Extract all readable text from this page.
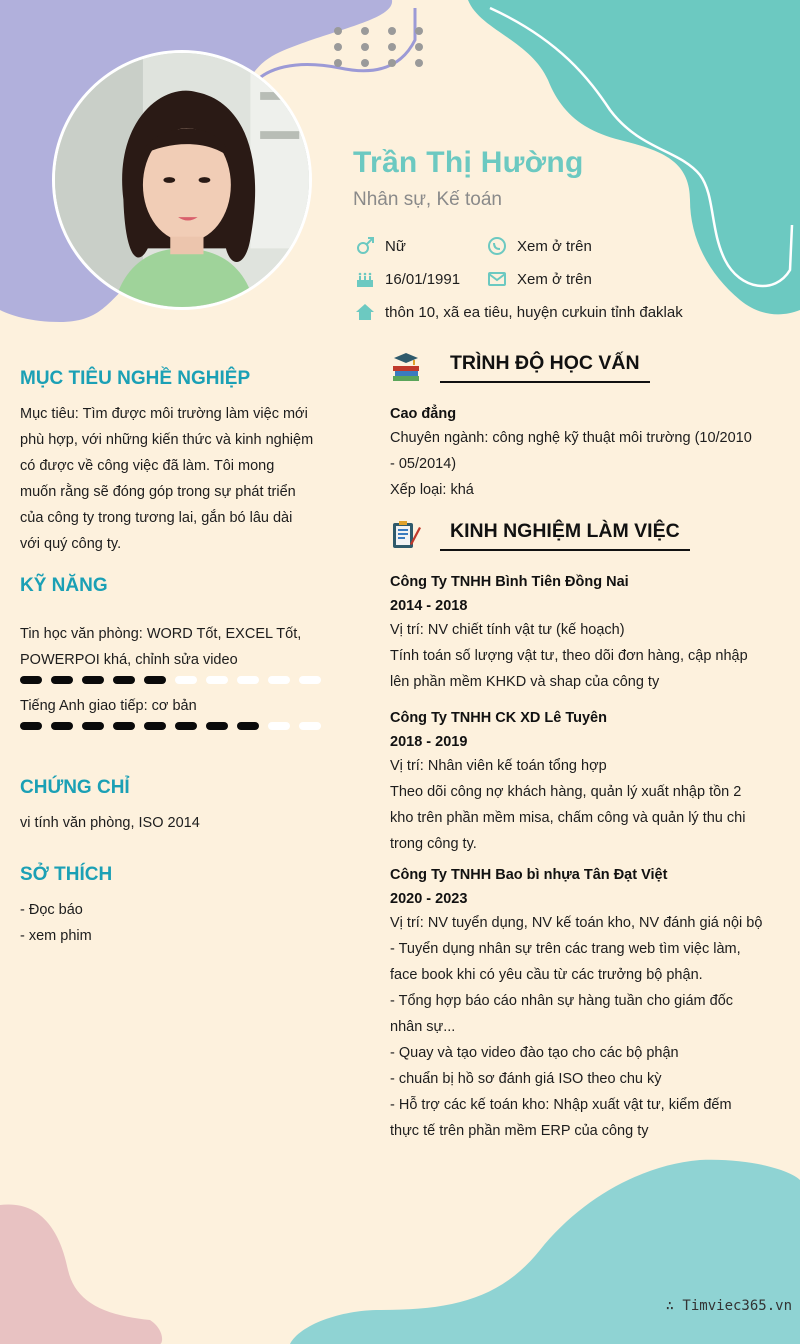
Trần Thị Hường
Nhân sự, Kế toán
Nữ	Xem ở trên
16/01/1991	Xem ở trên
thôn 10, xã ea tiêu, huyện cưkuin tỉnh đaklak
MỤC TIÊU NGHỀ NGHIỆP
Mục tiêu: Tìm được môi trường làm việc mới
phù hợp, với những kiến thức và kinh nghiệm
có được về công việc đã làm. Tôi mong
muốn rằng sẽ đóng góp trong sự phát triển
của công ty trong tương lai, gắn bó lâu dài
với quý công ty.
KỸ NĂNG
Tin học văn phòng: WORD Tốt, EXCEL Tốt,
POWERPOI khá, chỉnh sửa video
Tiếng Anh giao tiếp: cơ bản
CHỨNG CHỈ
vi tính văn phòng, ISO 2014
SỞ THÍCH
- Đọc báo
- xem phim
TRÌNH ĐỘ HỌC VẤN
Cao đẳng
Chuyên ngành: công nghệ kỹ thuật môi trường (10/2010
- 05/2014)
Xếp loại: khá
KINH NGHIỆM LÀM VIỆC
Công Ty TNHH Bình Tiên Đồng Nai
2014 - 2018
Vị trí: NV chiết tính vật tư (kế hoạch)
Tính toán số lượng vật tư, theo dõi đơn hàng, cập nhập
lên phần mềm KHKD và shap của công ty
Công Ty TNHH CK XD Lê Tuyên
2018 - 2019
Vị trí: Nhân viên kế toán tổng hợp
Theo dõi công nợ khách hàng, quản lý xuất nhập tồn 2
kho trên phần mềm misa, chấm công và quản lý thu chi
trong công ty.
Công Ty TNHH Bao bì nhựa Tân Đạt Việt
2020 - 2023
Vị trí: NV tuyển dụng, NV kế toán kho, NV đánh giá nội bộ
- Tuyển dụng nhân sự trên các trang web tìm việc làm,
face book khi có yêu cầu từ các trưởng bộ phận.
- Tổng hợp báo cáo nhân sự hàng tuần cho giám đốc
nhân sự...
- Quay và tạo video đào tạo cho các bộ phận
- chuẩn bị hồ sơ đánh giá ISO theo chu kỳ
- Hỗ trợ các kế toán kho: Nhập xuất vật tư, kiểm đếm
thực tế trên phần mềm ERP của công ty
∴ Timviec365.vn
